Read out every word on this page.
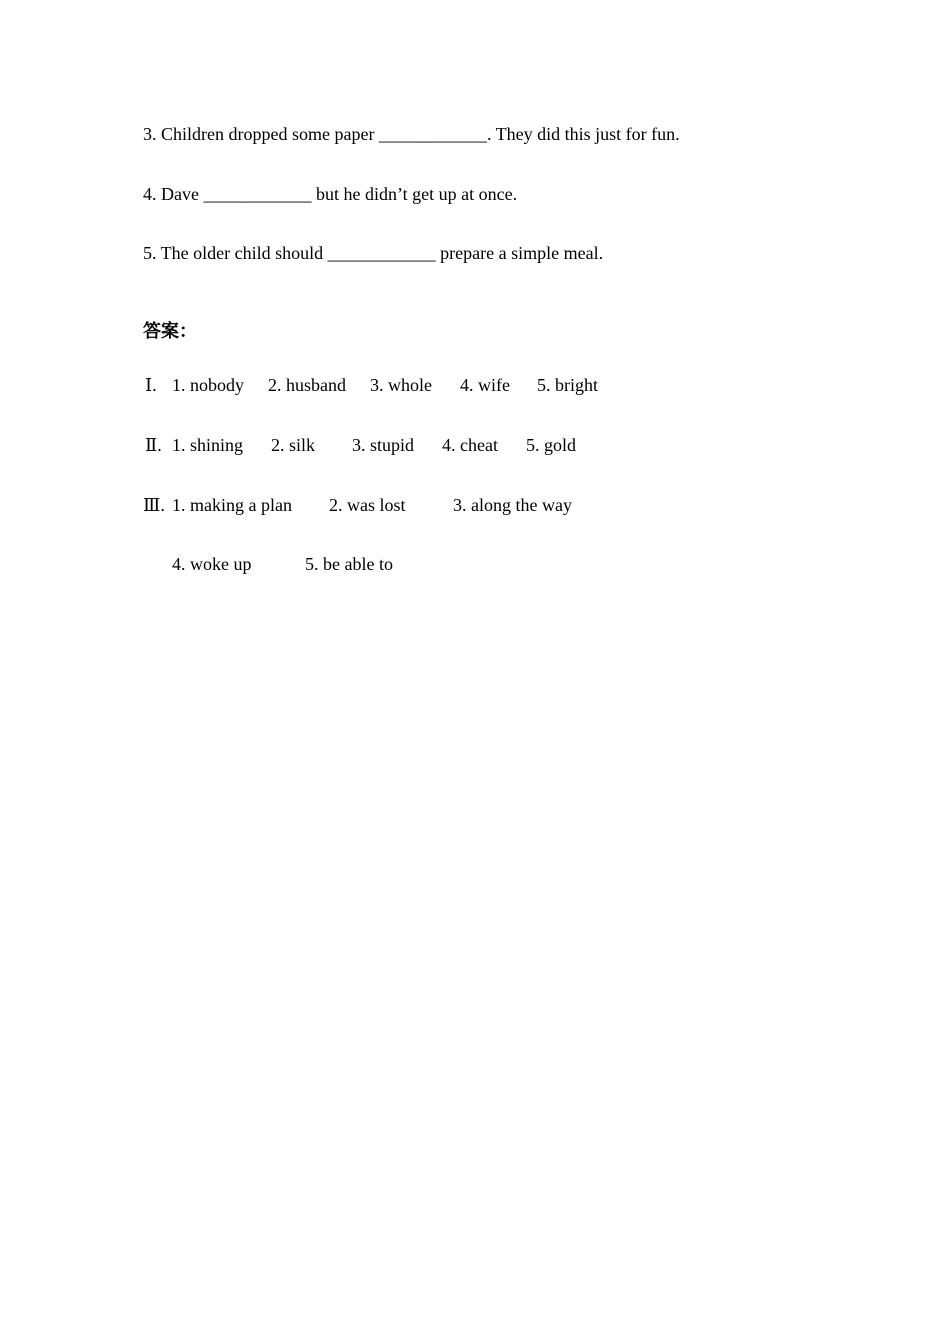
3. Children dropped some paper ____________. They did this just for fun.
4. Dave ____________ but he didn’t get up at once.
5. The older child should ____________ prepare a simple meal.
答案：

Ⅰ.

1. nobody

2. husband

3. whole

4. wife

5. bright

Ⅱ.

1. shining

2. silk

3. stupid

4. cheat

5. gold

Ⅲ.

1. making a plan

2. was lost

	3. along the way

4. woke up

	5. be able to
